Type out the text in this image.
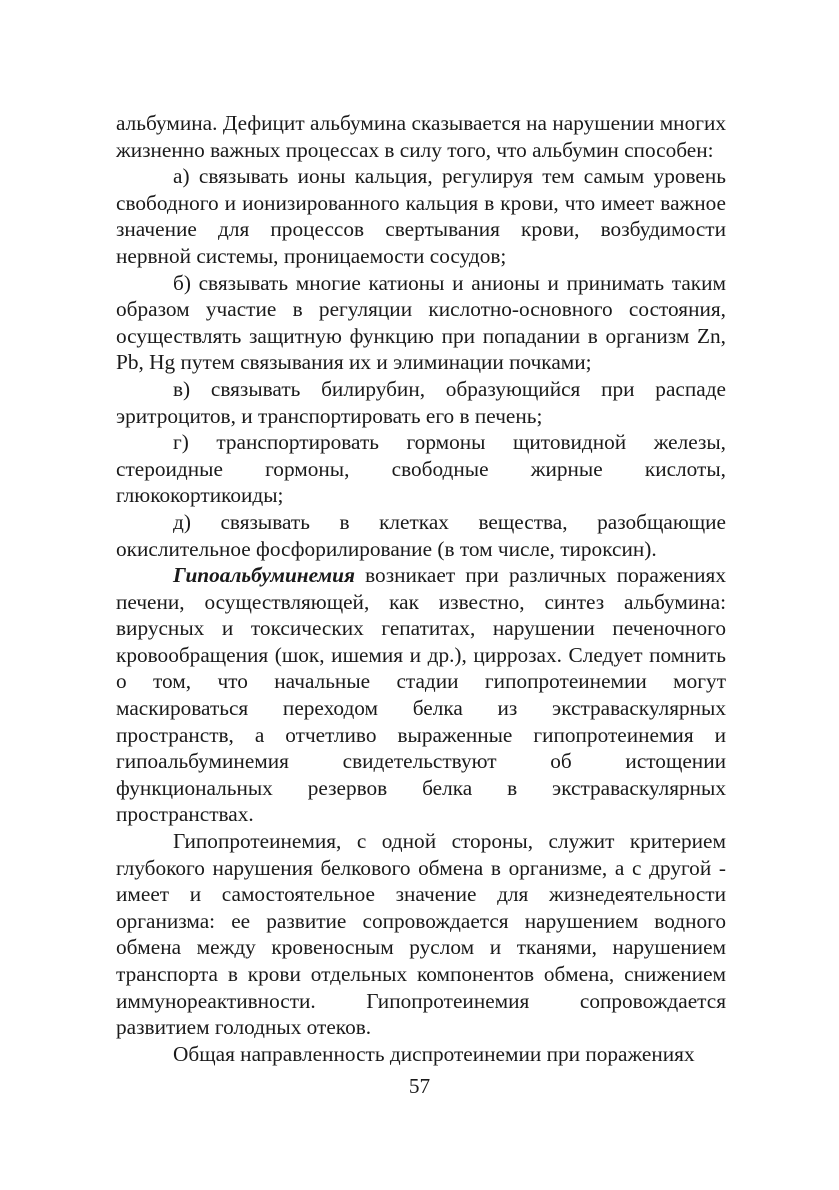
альбумина. Дефицит альбумина сказывается на нарушении многих жизненно важных процессах в силу того, что альбумин способен:

а) связывать ионы кальция, регулируя тем самым уровень свободного и ионизированного кальция в крови, что имеет важное значение для процессов свертывания крови, возбудимости нервной системы, проницаемости сосудов;

б) связывать многие катионы и анионы и принимать таким образом участие в регуляции кислотно-основного состояния, осуществлять защитную функцию при попадании в организм Zn, Pb, Hg путем связывания их и элиминации почками;

в) связывать билирубин, образующийся при распаде эритроцитов, и транспортировать его в печень;

г) транспортировать гормоны щитовидной железы, стероидные гормоны, свободные жирные кислоты, глюкокортикоиды;

д) связывать в клетках вещества, разобщающие окислительное фосфорилирование (в том числе, тироксин).

Гипоальбуминемия возникает при различных поражениях печени, осуществляющей, как известно, синтез альбумина: вирусных и токсических гепатитах, нарушении печеночного кровообращения (шок, ишемия и др.), циррозах. Следует помнить о том, что начальные стадии гипопротеинемии могут маскироваться переходом белка из экстраваскулярных пространств, а отчетливо выраженные гипопротеинемия и гипоальбуминемия свидетельствуют об истощении функциональных резервов белка в экстраваскулярных пространствах.

Гипопротеинемия, с одной стороны, служит критерием глубокого нарушения белкового обмена в организме, а с другой - имеет и самостоятельное значение для жизнедеятельности организма: ее развитие сопровождается нарушением водного обмена между кровеносным руслом и тканями, нарушением транспорта в крови отдельных компонентов обмена, снижением иммунореактивности. Гипопротеинемия сопровождается развитием голодных отеков.

Общая направленность диспротеинемии при поражениях

57
